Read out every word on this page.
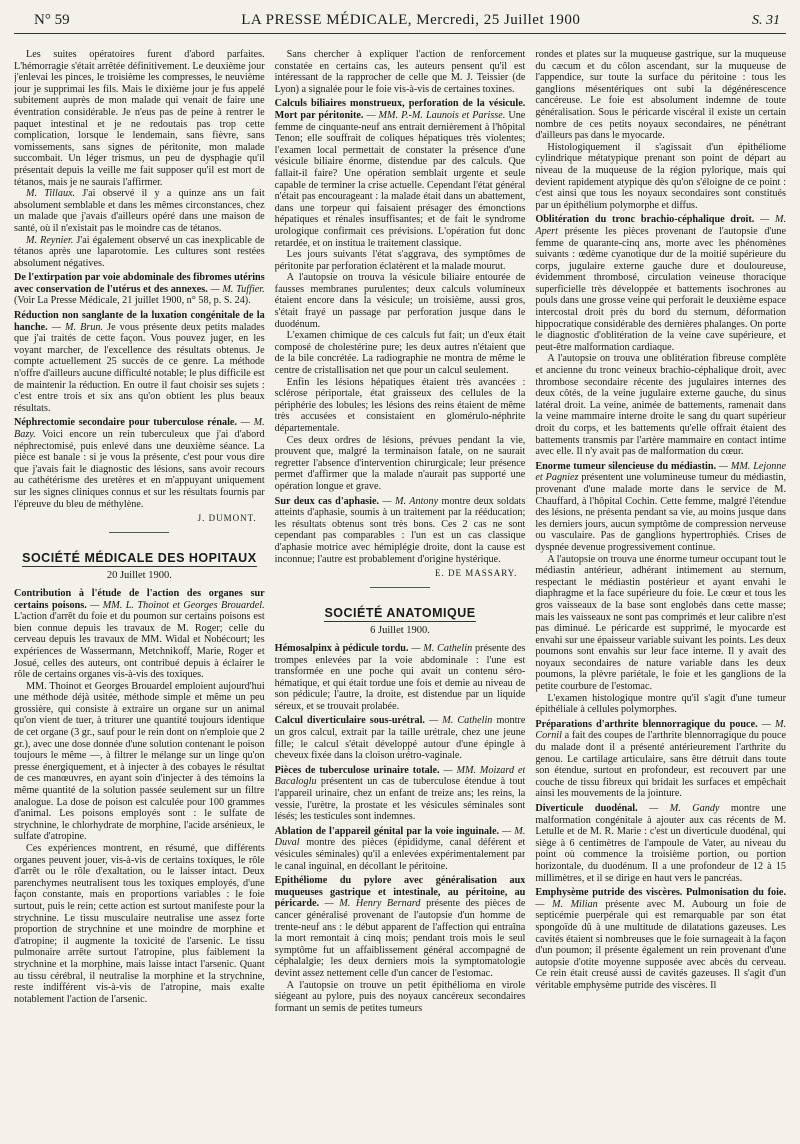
N° 59	LA PRESSE MÉDICALE, Mercredi, 25 Juillet 1900	S. 31

Les suites opératoires furent d'abord parfaites. L'hémorragie s'était arrêtée définitivement. Le deuxième jour j'enlevai les pinces, le troisième les compresses, le neuvième jour je supprimai les fils. Mais le dixième jour je fus appelé subitement auprès de mon malade qui venait de faire une éventration considérable. Je n'eus pas de peine à rentrer le paquet intestinal et je ne redoutais pas trop cette complication, lorsque le lendemain, sans fièvre, sans vomissements, sans signes de péritonite, mon malade succombait. Un léger trismus, un peu de dysphagie qu'il présentait depuis la veille me fait supposer qu'il est mort de tétanos, mais je ne saurais l'affirmer.

M. Tillaux. J'ai observé il y a quinze ans un fait absolument semblable et dans les mêmes circonstances, chez un malade que j'avais d'ailleurs opéré dans une maison de santé, où il n'existait pas le moindre cas de tétanos.

M. Reynier. J'ai également observé un cas inexplicable de tétanos après une laparotomie. Les cultures sont restées absolument négatives.

De l'extirpation par voie abdominale des fibromes utérins avec conservation de l'utérus et des annexes. — M. Tuffier. (Voir La Presse Médicale, 21 juillet 1900, n° 58, p. S. 24).

Réduction non sanglante de la luxation congénitale de la hanche. — M. Brun. Je vous présente deux petits malades que j'ai traités de cette façon. Vous pouvez juger, en les voyant marcher, de l'excellence des résultats obtenus. Je compte actuellement 25 succès de ce genre. La méthode n'offre d'ailleurs aucune difficulté notable; le plus difficile est de maintenir la réduction. En outre il faut choisir ses sujets : c'est entre trois et six ans qu'on obtient les plus beaux résultats.

Néphrectomie secondaire pour tuberculose rénale. — M. Bazy. Voici encore un rein tuberculeux que j'ai d'abord néphrectomisé, puis enlevé dans une deuxième séance. La pièce est banale : si je vous la présente, c'est pour vous dire que j'avais fait le diagnostic des lésions, sans avoir recours au cathétérisme des uretères et en m'appuyant uniquement sur les signes cliniques connus et sur les résultats fournis par l'épreuve du bleu de méthylène.

J. DUMONT.
SOCIÉTÉ MÉDICALE DES HOPITAUX
20 Juillet 1900.

Contribution à l'étude de l'action des organes sur certains poisons. — MM. L. Thoinot et Georges Brouardel. L'action d'arrêt du foie et du poumon sur certains poisons est bien connue depuis les travaux de M. Roger; celle du cerveau depuis les travaux de MM. Widal et Nobécourt; les expériences de Wassermann, Metchnikoff, Marie, Roger et Josué, celles des auteurs, ont contribué depuis à éclairer le rôle de certains organes vis-à-vis des toxiques.

MM. Thoinot et Georges Brouardel emploient aujourd'hui une méthode déjà usitée, méthode simple et même un peu grossière, qui consiste à extraire un organe sur un animal qu'on vient de tuer, à triturer une quantité toujours identique de cet organe (3 gr., sauf pour le rein dont on n'emploie que 2 gr.), avec une dose donnée d'une solution contenant le poison toujours le même —, à filtrer le mélange sur un linge qu'on presse énergiquement, et à injecter à des cobayes le résultat de ces manœuvres, en ayant soin d'injecter à des témoins la même quantité de la solution passée seulement sur un filtre analogue. La dose de poison est calculée pour 100 grammes d'animal. Les poisons employés sont : le sulfate de strychnine, le chlorhydrate de morphine, l'acide arsénieux, le sulfate d'atropine.

Ces expériences montrent, en résumé, que différents organes peuvent jouer, vis-à-vis de certains toxiques, le rôle d'arrêt ou le rôle d'exaltation, ou le laisser intact. Deux parenchymes neutralisent tous les toxiques employés, d'une façon constante, mais en proportions variables : le foie surtout, puis le rein; cette action est surtout manifeste pour la strychnine. Le tissu musculaire neutralise une assez forte proportion de strychnine et une moindre de morphine et d'atropine; il augmente la toxicité de l'arsenic. Le tissu pulmonaire arrête surtout l'atropine, plus faiblement la strychnine et la morphine, mais laisse intact l'arsenic. Quant au tissu cérébral, il neutralise la morphine et la strychnine, reste indifférent vis-à-vis de l'atropine, mais exalte notablement l'action de l'arsenic.

Sans chercher à expliquer l'action de renforcement constatée en certains cas, les auteurs pensent qu'il est intéressant de la rapprocher de celle que M. J. Teissier (de Lyon) a signalée pour le foie vis-à-vis de certaines toxines.

Calculs biliaires monstrueux, perforation de la vésicule. Mort par péritonite. — MM. P.-M. Launois et Parisse. Une femme de cinquante-neuf ans entrait dernièrement à l'hôpital Tenon; elle souffrait de coliques hépatiques très violentes; l'examen local permettait de constater la présence d'une vésicule biliaire énorme, distendue par des calculs. Que fallait-il faire? Une opération semblait urgente et seule capable de terminer la crise actuelle. Cependant l'état général n'était pas encourageant : la malade était dans un abattement, dans une torpeur qui faisaient présager des émonctions hépatiques et rénales insuffisantes; et de fait le syndrome urologique confirmait ces prévisions. L'opération fut donc retardée, et on institua le traitement classique.

Les jours suivants l'état s'aggrava, des symptômes de péritonite par perforation éclatèrent et la malade mourut.

A l'autopsie on trouva la vésicule biliaire entourée de fausses membranes purulentes; deux calculs volumineux étaient encore dans la vésicule; un troisième, aussi gros, s'était frayé un passage par perforation jusque dans le duodénum.

L'examen chimique de ces calculs fut fait; un d'eux était composé de cholestérine pure; les deux autres n'étaient que de la bile concrétée. La radiographie ne montra de même le centre de cristallisation net que pour un calcul seulement.

Enfin les lésions hépatiques étaient très avancées : sclérose périportale, état graisseux des cellules de la périphérie des lobules; les lésions des reins étaient de même très accusées et consistaient en glomérulo-néphrite départementale.

Ces deux ordres de lésions, prévues pendant la vie, prouvent que, malgré la terminaison fatale, on ne saurait regretter l'absence d'intervention chirurgicale; leur présence permet d'affirmer que la malade n'aurait pas supporté une opération longue et grave.

Sur deux cas d'aphasie. — M. Antony montre deux soldats atteints d'aphasie, soumis à un traitement par la rééducation; les résultats obtenus sont très bons. Ces 2 cas ne sont cependant pas comparables : l'un est un cas classique d'aphasie motrice avec hémiplégie droite, dont la cause est inconnue; l'autre est probablement d'origine hystérique.

E. DE MASSARY.
SOCIÉTÉ ANATOMIQUE
6 Juillet 1900.

Hémosalpinx à pédicule tordu. — M. Cathelin présente des trompes enlevées par la voie abdominale : l'une est transformée en une poche qui avait un contenu séro-hématique, et qui était tordue une fois et demie au niveau de son pédicule; l'autre, la droite, est distendue par un liquide séreux, et se trouvait prolabée.

Calcul diverticulaire sous-urétral. — M. Cathelin montre un gros calcul, extrait par la taille urétrale, chez une jeune fille; le calcul s'était développé autour d'une épingle à cheveux fixée dans la cloison urétro-vaginale.

Pièces de tuberculose urinaire totale. — MM. Moizard et Bacaloglu présentent un cas de tuberculose étendue à tout l'appareil urinaire, chez un enfant de treize ans; les reins, la vessie, l'urètre, la prostate et les vésicules séminales sont lésés; les testicules sont indemnes.

Ablation de l'appareil génital par la voie inguinale. — M. Duval montre des pièces (épididyme, canal déférent et vésicules séminales) qu'il a enlevées expérimentalement par le canal inguinal, en décollant le péritoine.

Epithéliome du pylore avec généralisation aux muqueuses gastrique et intestinale, au péritoine, au péricarde. — M. Henry Bernard présente des pièces de cancer généralisé provenant de l'autopsie d'un homme de trente-neuf ans : le début apparent de l'affection qui entraîna la mort remontait à cinq mois; pendant trois mois le seul symptôme fut un affaiblissement général accompagné de céphalalgie; les deux derniers mois la symptomatologie devint assez nettement celle d'un cancer de l'estomac.

A l'autopsie on trouve un petit épithélioma en virole siégeant au pylore, puis des noyaux cancéreux secondaires formant un semis de petites tumeurs

rondes et plates sur la muqueuse gastrique, sur la muqueuse du cæcum et du côlon ascendant, sur la muqueuse de l'appendice, sur toute la surface du péritoine : tous les ganglions mésentériques ont subi la dégénérescence cancéreuse. Le foie est absolument indemne de toute généralisation. Sous le péricarde viscéral il existe un certain nombre de ces petits noyaux secondaires, ne pénétrant d'ailleurs pas dans le myocarde.

Histologiquement il s'agissait d'un épithéliome cylindrique métatypique prenant son point de départ au niveau de la muqueuse de la région pylorique, mais qui devient rapidement atypique dès qu'on s'éloigne de ce point : c'est ainsi que tous les noyaux secondaires sont constitués par un épithélium polymorphe et diffus.

Oblitération du tronc brachio-céphalique droit. — M. Apert présente les pièces provenant de l'autopsie d'une femme de quarante-cinq ans, morte avec les phénomènes suivants : œdème cyanotique dur de la moitié supérieure du corps, jugulaire externe gauche dure et douloureuse, évidemment thrombosé, circulation veineuse thoracique superficielle très développée et battements isochrones au pouls dans une grosse veine qui perforait le deuxième espace intercostal droit près du bord du sternum, déformation hippocratique considérable des dernières phalanges. On porte le diagnostic d'oblitération de la veine cave supérieure, et peut-être malformation cardiaque.

A l'autopsie on trouva une oblitération fibreuse complète et ancienne du tronc veineux brachio-céphalique droit, avec thrombose secondaire récente des jugulaires internes des deux côtés, de la veine jugulaire externe gauche, du sinus latéral droit. La veine, animée de battements, ramenait dans la veine mammaire interne droite le sang du quart supérieur droit du corps, et les battements qu'elle offrait étaient des battements transmis par l'artère mammaire en contact intime avec elle. Il n'y avait pas de malformation du cœur.

Enorme tumeur silencieuse du médiastin. — MM. Lejonne et Pagniez présentent une volumineuse tumeur du médiastin, provenant d'une malade morte dans le service de M. Chauffard, à l'hôpital Cochin. Cette femme, malgré l'étendue des lésions, ne présenta pendant sa vie, au moins jusque dans les derniers jours, aucun symptôme de compression nerveuse ou vasculaire. Pas de ganglions hypertrophiés. Crises de dyspnée devenue progressivement continue.

A l'autopsie on trouva une énorme tumeur occupant tout le médiastin antérieur, adhérant intimement au sternum, respectant le médiastin postérieur et ayant envahi le diaphragme et la face supérieure du foie. Le cœur et tous les gros vaisseaux de la base sont englobés dans cette masse; mais les vaisseaux ne sont pas comprimés et leur calibre n'est pas diminué. Le péricarde est supprimé, le myocarde est envahi sur une épaisseur variable suivant les points. Les deux poumons sont envahis sur leur face interne. Il y avait des noyaux secondaires de nature variable dans les deux poumons, la plèvre pariétale, le foie et les ganglions de la petite courbure de l'estomac.

L'examen histologique montre qu'il s'agit d'une tumeur épithéliale à cellules polymorphes.

Préparations d'arthrite blennorragique du pouce. — M. Cornil a fait des coupes de l'arthrite blennorragique du pouce du malade dont il a présenté antérieurement l'arthrite du genou. Le cartilage articulaire, sans être détruit dans toute son étendue, surtout en profondeur, est recouvert par une couche de tissu fibreux qui bridait les surfaces et empêchait ainsi les mouvements de la jointure.

Diverticule duodénal. — M. Gandy montre une malformation congénitale à ajouter aux cas récents de M. Letulle et de M. R. Marie : c'est un diverticule duodénal, qui siège à 6 centimètres de l'ampoule de Vater, au niveau du point où commence la troisième portion, ou portion horizontale, du duodénum. Il a une profondeur de 12 à 15 millimètres, et il se dirige en haut vers le pancréas.

Emphysème putride des viscères. Pulmonisation du foie. — M. Milian présente avec M. Aubourg un foie de septicémie puerpérale qui est remarquable par son état spongoïde dû à une multitude de dilatations gazeuses. Les cavités étaient si nombreuses que le foie surnageait à la façon d'un poumon; il présente également un rein provenant d'une autopsie d'otite moyenne supposée avec abcès du cerveau. Ce rein était creusé aussi de cavités gazeuses. Il s'agit d'un véritable emphysème putride des viscères. Il
